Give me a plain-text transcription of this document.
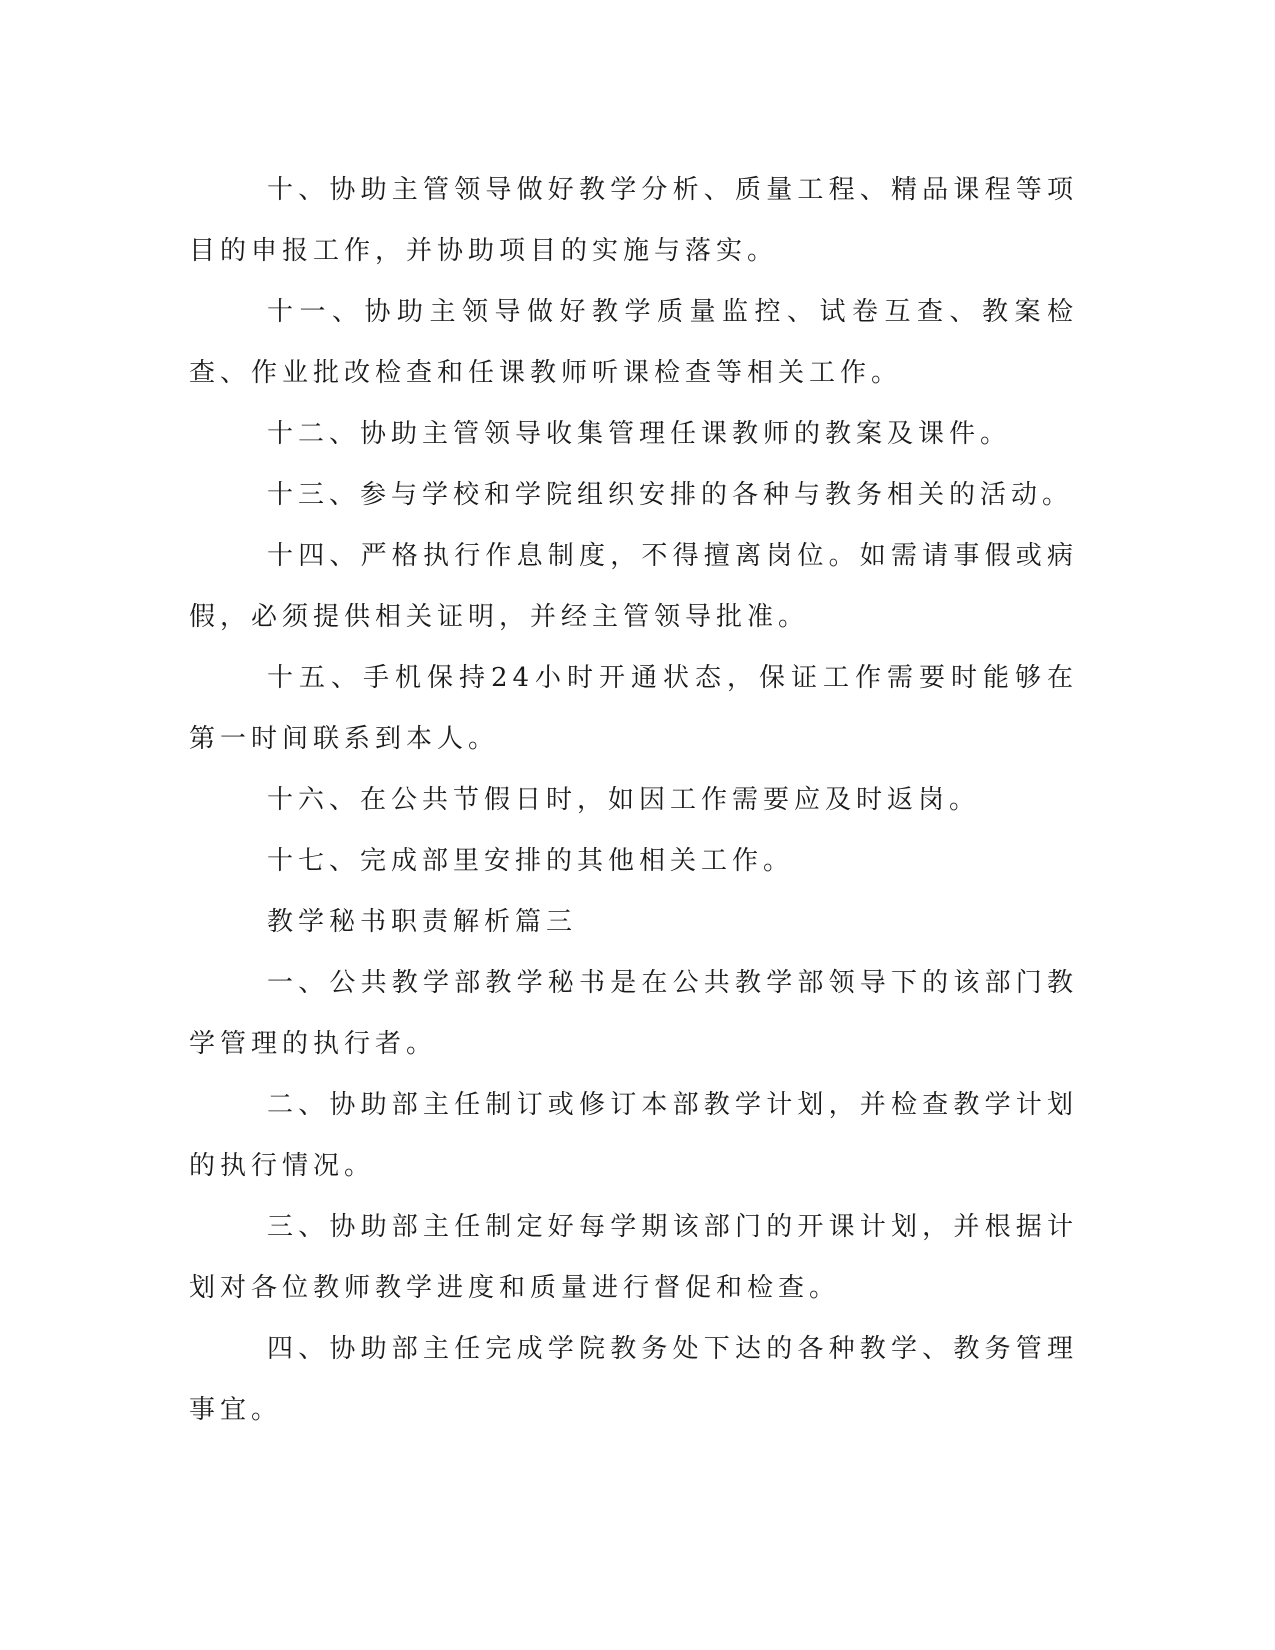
十、协助主管领导做好教学分析、质量工程、精品课程等项目的申报工作，并协助项目的实施与落实。

十一、协助主领导做好教学质量监控、试卷互查、教案检查、作业批改检查和任课教师听课检查等相关工作。

十二、协助主管领导收集管理任课教师的教案及课件。

十三、参与学校和学院组织安排的各种与教务相关的活动。

十四、严格执行作息制度，不得擅离岗位。如需请事假或病假，必须提供相关证明，并经主管领导批准。

十五、手机保持24小时开通状态，保证工作需要时能够在第一时间联系到本人。

十六、在公共节假日时，如因工作需要应及时返岗。

十七、完成部里安排的其他相关工作。

教学秘书职责解析篇三

一、公共教学部教学秘书是在公共教学部领导下的该部门教学管理的执行者。

二、协助部主任制订或修订本部教学计划，并检查教学计划的执行情况。

三、协助部主任制定好每学期该部门的开课计划，并根据计划对各位教师教学进度和质量进行督促和检查。

四、协助部主任完成学院教务处下达的各种教学、教务管理事宜。
